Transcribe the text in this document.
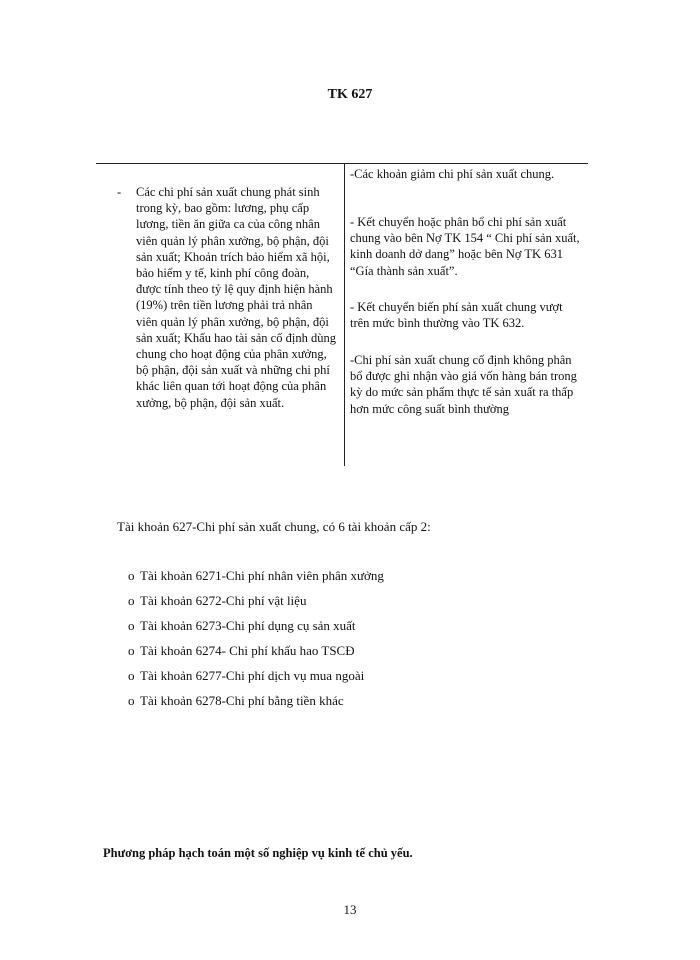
TK 627
- Các chi phí sản xuất chung phát sinh trong kỳ, bao gồm: lương, phụ cấp lương, tiền ăn giữa ca của công nhân viên quản lý phân xưởng, bộ phận, đội sản xuất; Khoản trích bảo hiểm xã hội, bảo hiểm y tế, kinh phí công đoàn, được tính theo tỷ lệ quy định hiện hành (19%) trên tiền lương phải trả nhân viên quản lý phân xưởng, bộ phận, đội sản xuất; Khấu hao tài sản cố định dùng chung cho hoạt động của phân xưởng, bộ phận, đội sản xuất và những chi phí khác liên quan tới hoạt động của phân xưởng, bộ phận, đội sản xuất.

-Các khoản giảm chi phí sản xuất chung.

- Kết chuyển hoặc phân bổ chi phí sản xuất chung vào bên Nợ TK 154 “ Chi phí sản xuất, kinh doanh dở dang” hoặc bên Nợ TK 631 “Gía thành sản xuất”.

- Kết chuyển biến phí sản xuất chung vượt trên mức bình thường vào TK 632.

-Chi phí sản xuất chung cố định không phân bổ được ghi nhận vào giá vốn hàng bán trong kỳ do mức sản phẩm thực tế sản xuất ra thấp hơn mức công suất bình thường

Tài khoản 627-Chi phí sản xuất chung, có 6 tài khoản cấp 2:
o Tài khoản 6271-Chi phí nhân viên phân xưởng
o Tài khoản 6272-Chi phí vật liệu
o Tài khoản 6273-Chi phí dụng cụ sản xuất
o Tài khoản 6274- Chi phí khấu hao TSCĐ
o Tài khoản 6277-Chi phí dịch vụ mua ngoài
o Tài khoản 6278-Chi phí bằng tiền khác
Phương pháp hạch toán một số nghiệp vụ kinh tế chủ yếu.
13
